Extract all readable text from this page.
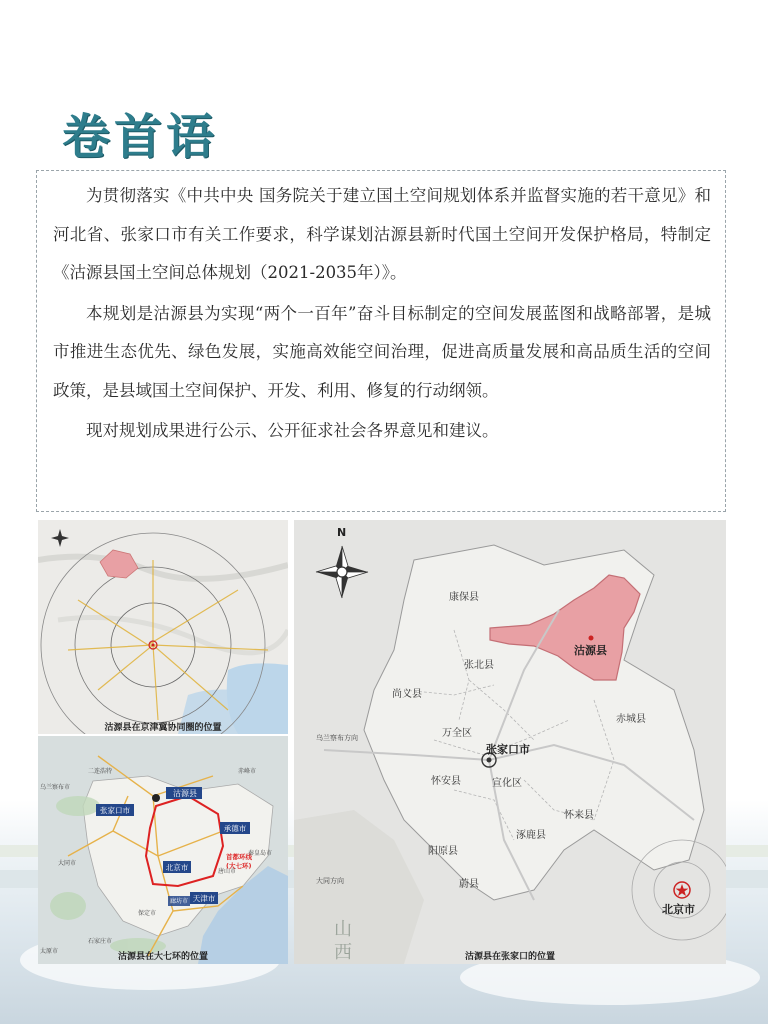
卷首语

为贯彻落实《中共中央 国务院关于建立国土空间规划体系并监督实施的若干意见》和河北省、张家口市有关工作要求，科学谋划沽源县新时代国土空间开发保护格局，特制定《沽源县国土空间总体规划（2021-2035年）》。

本规划是沽源县为实现“两个一百年”奋斗目标制定的空间发展蓝图和战略部署，是城市推进生态优先、绿色发展，实施高效能空间治理，促进高质量发展和高品质生活的空间政策，是县域国土空间保护、开发、利用、修复的行动纲领。

现对规划成果进行公示、公开征求社会各界意见和建议。

沽源县在京津冀协同圈的位置
沽源县
张家口市
承德市
北京市
天津市
廊坊市
首都环线
(大七环)
二连浩特
乌兰察布市
赤峰市
大同市
保定市
唐山市
秦皇岛市
石家庄市
太原市
沽源县在大七环的位置
N
康保县
沽源县
张北县
尚义县
万全区
张家口市
赤城县
怀安县	宣化区
怀来县
涿鹿县
阳原县
蔚县
北京市
大同方向
乌兰察布方向
山
西	沽源县在张家口的位置
